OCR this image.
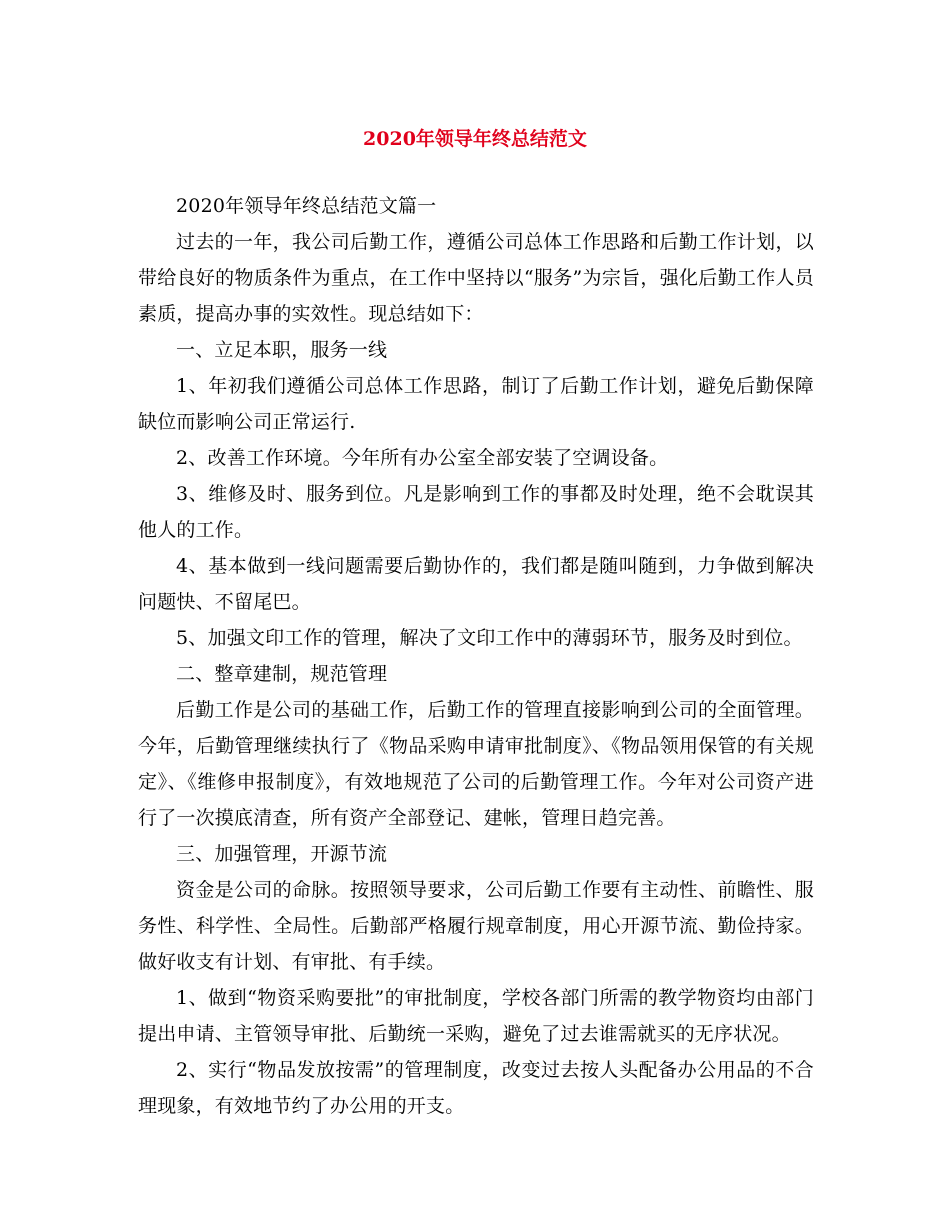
2020年领导年终总结范文

2020年领导年终总结范文篇一

过去的一年，我公司后勤工作，遵循公司总体工作思路和后勤工作计划，以带给良好的物质条件为重点，在工作中坚持以“服务”为宗旨，强化后勤工作人员素质，提高办事的实效性。现总结如下：

一、立足本职，服务一线

1、年初我们遵循公司总体工作思路，制订了后勤工作计划，避免后勤保障缺位而影响公司正常运行.

2、改善工作环境。今年所有办公室全部安装了空调设备。

3、维修及时、服务到位。凡是影响到工作的事都及时处理，绝不会耽误其他人的工作。

4、基本做到一线问题需要后勤协作的，我们都是随叫随到，力争做到解决问题快、不留尾巴。

5、加强文印工作的管理，解决了文印工作中的薄弱环节，服务及时到位。

二、整章建制，规范管理

后勤工作是公司的基础工作，后勤工作的管理直接影响到公司的全面管理。今年，后勤管理继续执行了《物品采购申请审批制度》、《物品领用保管的有关规定》、《维修申报制度》，有效地规范了公司的后勤管理工作。今年对公司资产进行了一次摸底清查，所有资产全部登记、建帐，管理日趋完善。

三、加强管理，开源节流

资金是公司的命脉。按照领导要求，公司后勤工作要有主动性、前瞻性、服务性、科学性、全局性。后勤部严格履行规章制度，用心开源节流、勤俭持家。做好收支有计划、有审批、有手续。

1、做到“物资采购要批”的审批制度，学校各部门所需的教学物资均由部门提出申请、主管领导审批、后勤统一采购，避免了过去谁需就买的无序状况。

2、实行“物品发放按需”的管理制度，改变过去按人头配备办公用品的不合理现象，有效地节约了办公用的开支。
